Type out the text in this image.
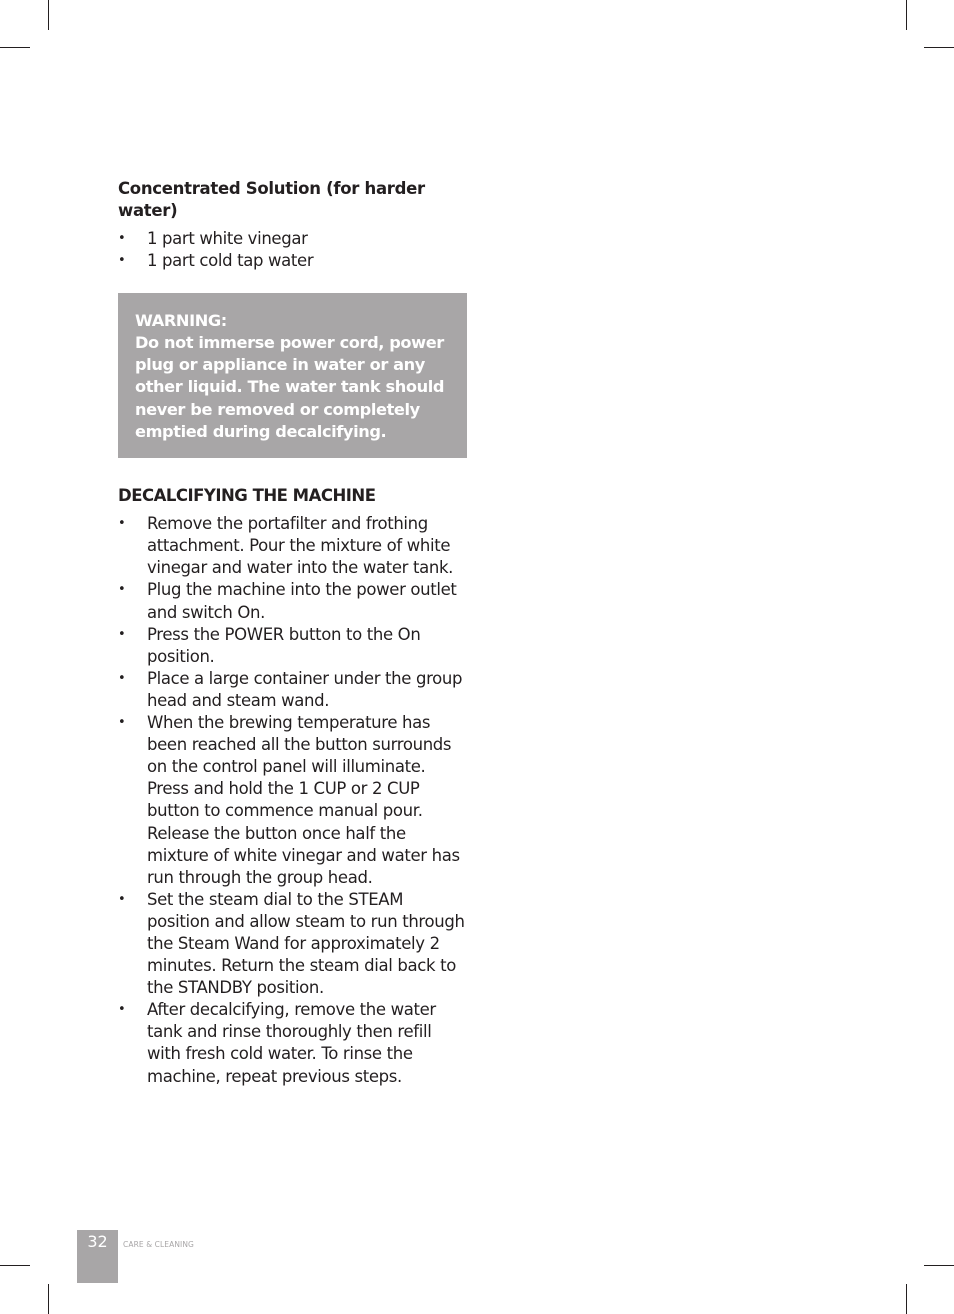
Concentrated Solution (for harder water)
•	1 part white vinegar
•	1 part cold tap water
WARNING:
Do not immerse power cord, power
plug or appliance in water or any
other liquid. The water tank should
never be removed or completely
emptied during decalcifying.
DECALCIFYING THE MACHINE
•	Remove the portafilter and frothing attachment. Pour the mixture of white vinegar and water into the water tank.
•	Plug the machine into the power outlet and switch On.
•	Press the POWER button to the On position.
•	Place a large container under the group head and steam wand.
•	When the brewing temperature has been reached all the button surrounds on the control panel will illuminate. Press and hold the 1 CUP or 2 CUP button to commence manual pour. Release the button once half the mixture of white vinegar and water has run through the group head.
•	Set the steam dial to the STEAM position and allow steam to run through the Steam Wand for approximately 2 minutes. Return the steam dial back to the STANDBY position.
•	After decalcifying, remove the water tank and rinse thoroughly then refill with fresh cold water. To rinse the machine, repeat previous steps.
32	CARE & CLEANING
